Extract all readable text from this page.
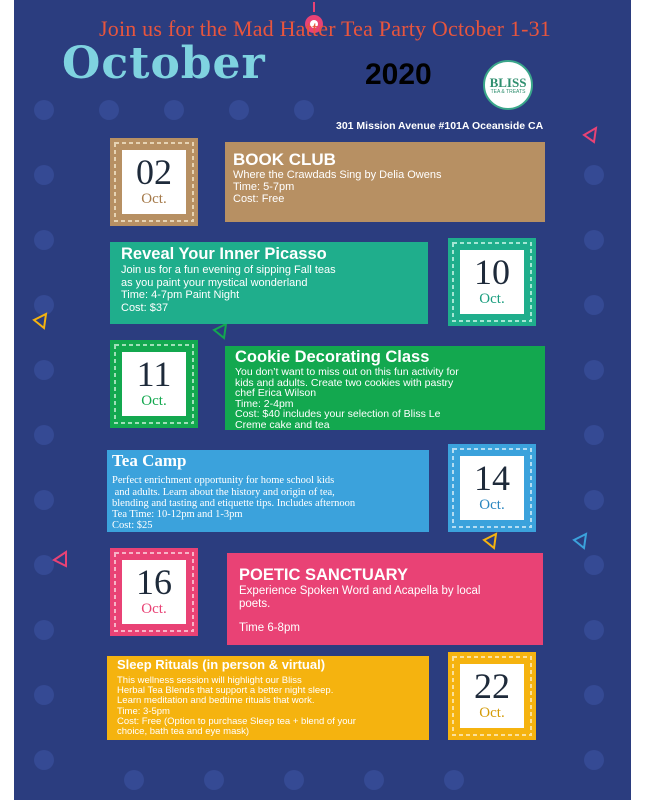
Join us for the Mad Hatter Tea Party October 1-31
October	2020	BLISS
TEA & TREATS
301 Mission Avenue #101A Oceanside CA
BOOK CLUB
Where the Crawdads Sing by Delia Owens
Time: 5-7pm
Cost: Free
Reveal Your Inner Picasso
Join us for a fun evening of sipping Fall teas
as you paint your mystical wonderland
Time: 4-7pm Paint Night
Cost: $37
Cookie Decorating Class
You don’t want to miss out on this fun activity for
kids and adults. Create two cookies with pastry
chef Erica Wilson
Time: 2-4pm
Cost: $40 includes your selection of Bliss Le
Creme cake and tea
Tea Camp
Perfect enrichment opportunity for home school kids
and adults. Learn about the history and origin of tea,
blending and tasting and etiquette tips. Includes afternoon
Tea Time: 10-12pm and 1-3pm
Cost: $25
POETIC SANCTUARY
Experience Spoken Word and Acapella by local
poets.
Time 6-8pm
Sleep Rituals (in person & virtual)
This wellness session will highlight our Bliss
Herbal Tea Blends that support a better night sleep.
Learn meditation and bedtime rituals that work.
Time: 3-5pm
Cost: Free (Option to purchase Sleep tea + blend of your
choice, bath tea and eye mask)
02
Oct.
10
Oct.
11
Oct.
14
Oct.
16
Oct.
22
Oct.
